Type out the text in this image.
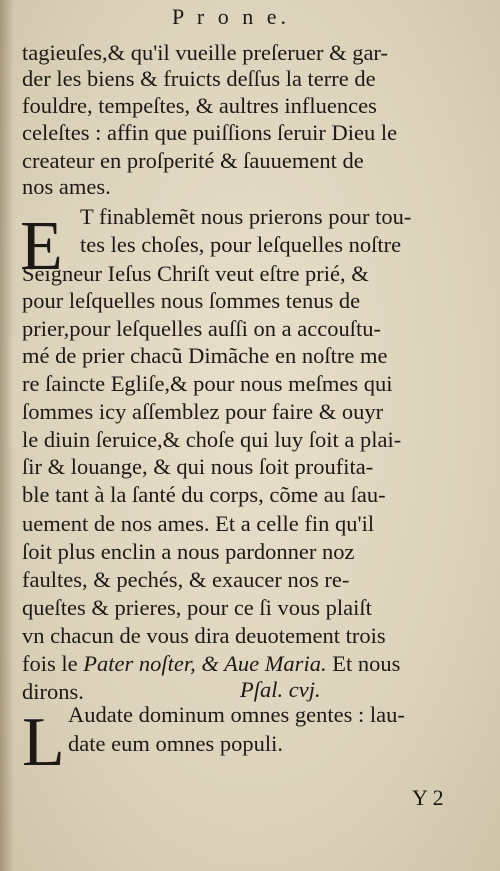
P r o n e.
tagieuſes,& qu'il vueille preſeruer & gar-
der les biens & fruicts deſſus la terre de
fouldre, tempeſtes, & aultres influences
celeſtes : affin que puiſſions ſeruir Dieu le
createur en proſperité & ſauuement de
nos ames.
E T finablemẽt nous prierons pour tou-
tes les choſes, pour leſquelles noſtre
Seigneur Ieſus Chriſt veut eſtre prié, &
pour leſquelles nous ſommes tenus de
prier,pour leſquelles auſſi on a accouſtu-
mé de prier chacũ Dimãche en noſtre me
re ſaincte Egliſe,& pour nous meſmes qui
ſommes icy aſſemblez pour faire & ouyr
le diuin ſeruice,& choſe qui luy ſoit a plai-
ſir & louange, & qui nous ſoit proufita-
ble tant à la ſanté du corps, cõme au ſau-
uement de nos ames. Et a celle fin qu'il
ſoit plus enclin a nous pardonner noz
faultes, & pechés, & exaucer nos re-
queſtes & prieres, pour ce ſi vous plaiſt
vn chacun de vous dira deuotement trois
fois le Pater noſter, & Aue Maria. Et nous
dirons.	Pſal. cvj.
L Audate dominum omnes gentes : lau-
date eum omnes populi.
Y 2
